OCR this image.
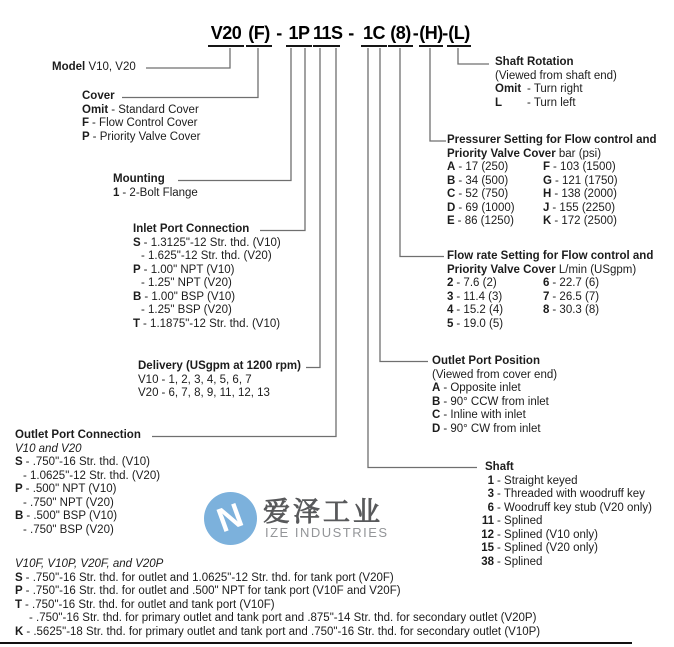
V20 (F) - 1P 11S - 1C (8) - (H) - (L)
Model V10, V20
Cover
Omit - Standard Cover
F - Flow Control Cover
P - Priority Valve Cover
Mounting
1 - 2-Bolt Flange
Inlet Port Connection
S - 1.3125"-12 Str. thd. (V10)
- 1.625"-12 Str. thd. (V20)
P - 1.00" NPT (V10)
- 1.25" NPT (V20)
B - 1.00" BSP (V10)
- 1.25" BSP (V20)
T - 1.1875"-12 Str. thd. (V10)
Delivery (USgpm at 1200 rpm)
V10 - 1, 2, 3, 4, 5, 6, 7
V20 - 6, 7, 8, 9, 11, 12, 13
Outlet Port Connection
V10 and V20
S - .750"-16 Str. thd. (V10)
- 1.0625"-12 Str. thd. (V20)
P - .500" NPT (V10)
- .750" NPT (V20)
B - .500" BSP (V10)
- .750" BSP (V20)
V10F, V10P, V20F, and V20P
S - .750"-16 Str. thd. for outlet and 1.0625"-12 Str. thd. for tank port (V20F)
P - .750"-16 Str. thd. for outlet and .500" NPT for tank port (V10F and V20F)
T - .750"-16 Str. thd. for outlet and tank port (V10F)
- .750"-16 Str. thd. for primary outlet and tank port and .875"-14 Str. thd. for secondary outlet (V20P)
K - .5625"-18 Str. thd. for primary outlet and tank port and .750"-16 Str. thd. for secondary outlet (V10P)
Shaft Rotation
(Viewed from shaft end)
Omit - Turn right
L - Turn left
Pressurer Setting for Flow control and
Priority Valve Cover bar (psi)
A - 17 (250)	F - 103 (1500)
B - 34 (500)	G - 121 (1750)
C - 52 (750)	H - 138 (2000)
D - 69 (1000)	J - 155 (2250)
E - 86 (1250)	K - 172 (2500)
Flow rate Setting for Flow control and
Priority Valve Cover L/min (USgpm)
2 - 7.6 (2)	6 - 22.7 (6)
3 - 11.4 (3)	7 - 26.5 (7)
4 - 15.2 (4)	8 - 30.3 (8)
5 - 19.0 (5)
Outlet Port Position
(Viewed from cover end)
A - Opposite inlet
B - 90° CCW from inlet
C - Inline with inlet
D - 90° CW from inlet
Shaft
1 - Straight keyed
3 - Threaded with woodruff key
6 - Woodruff key stub (V20 only)
11 - Splined
12 - Splined (V10 only)
15 - Splined (V20 only)
38 - Splined
N 爱泽工业
IZE INDUSTRIES
